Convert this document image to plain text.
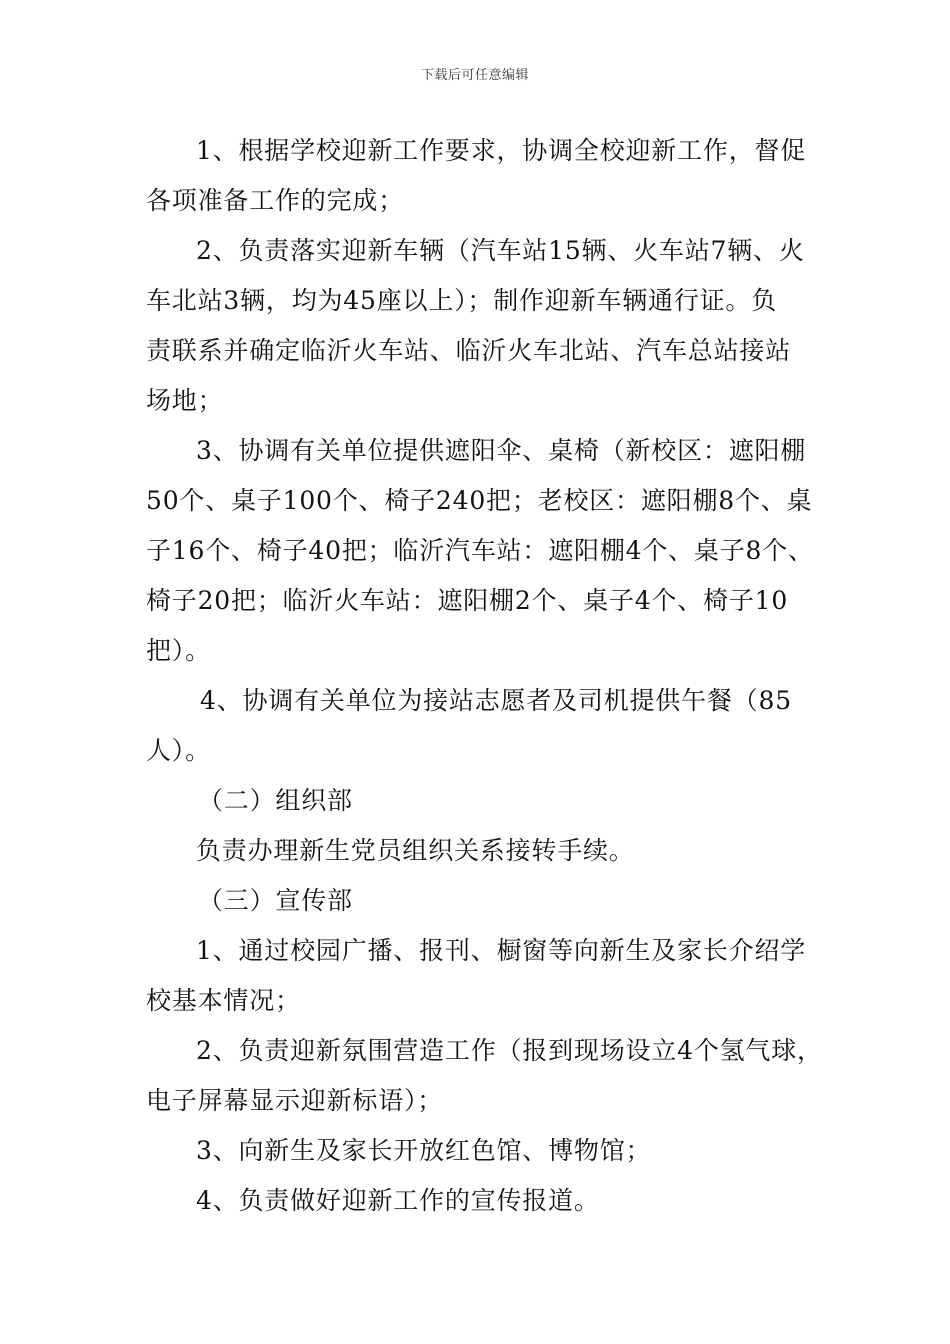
下载后可任意编辑
1、根据学校迎新工作要求，协调全校迎新工作，督促
各项准备工作的完成；
2、负责落实迎新车辆（汽车站15辆、火车站7辆、火
车北站3辆，均为45座以上）；制作迎新车辆通行证。负
责联系并确定临沂火车站、临沂火车北站、汽车总站接站
场地；
3、协调有关单位提供遮阳伞、桌椅（新校区：遮阳棚
50个、桌子100个、椅子240把；老校区：遮阳棚8个、桌
子16个、椅子40把；临沂汽车站：遮阳棚4个、桌子8个、
椅子20把；临沂火车站：遮阳棚2个、桌子4个、椅子10
把）。
4、协调有关单位为接站志愿者及司机提供午餐（85
人）。
（二）组织部
负责办理新生党员组织关系接转手续。
（三）宣传部
1、通过校园广播、报刊、橱窗等向新生及家长介绍学
校基本情况；
2、负责迎新氛围营造工作（报到现场设立4个氢气球，
电子屏幕显示迎新标语）；
3、向新生及家长开放红色馆、博物馆；
4、负责做好迎新工作的宣传报道。
